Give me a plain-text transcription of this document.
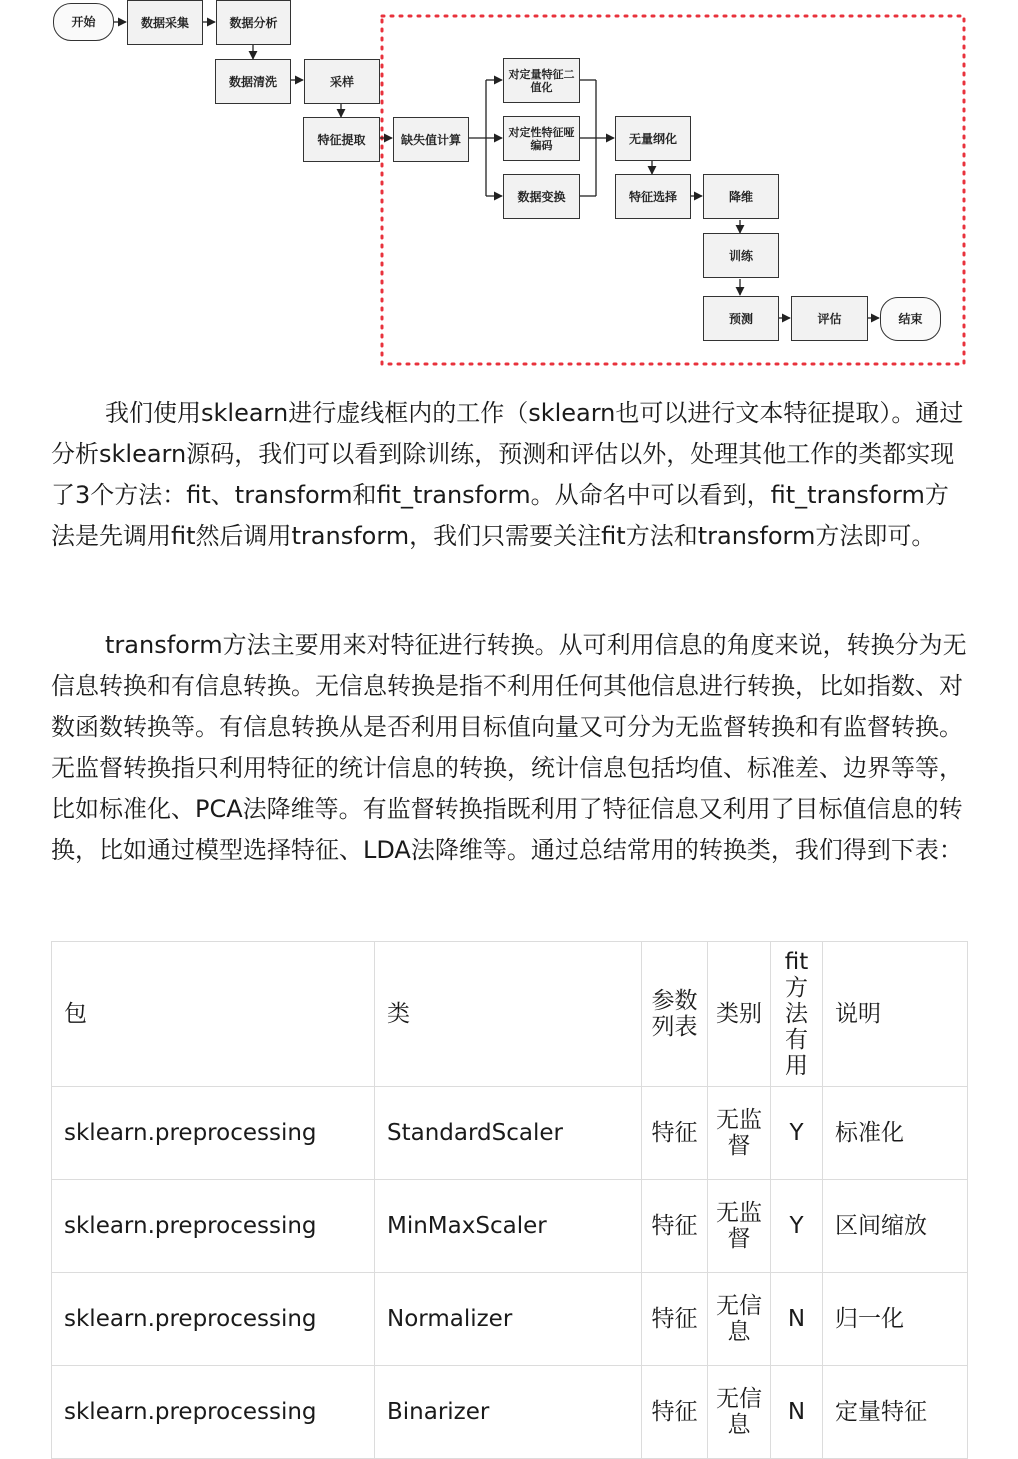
开始	数据采集	数据分析
数据清洗	采样
特征提取	缺失值计算
对定量特征二值化
对定性特征哑编码
数据变换
无量纲化
特征选择	降维
训练
预测	评估	结束

我们使用sklearn进行虚线框内的工作（sklearn也可以进行文本特征提取）。通过分析sklearn源码，我们可以看到除训练，预测和评估以外，处理其他工作的类都实现了3个方法：fit、transform和fit_transform。从命名中可以看到，fit_transform方法是先调用fit然后调用transform，我们只需要关注fit方法和transform方法即可。

transform方法主要用来对特征进行转换。从可利用信息的角度来说，转换分为无信息转换和有信息转换。无信息转换是指不利用任何其他信息进行转换，比如指数、对数函数转换等。有信息转换从是否利用目标值向量又可分为无监督转换和有监督转换。无监督转换指只利用特征的统计信息的转换，统计信息包括均值、标准差、边界等等，比如标准化、PCA法降维等。有监督转换指既利用了特征信息又利用了目标值信息的转换，比如通过模型选择特征、LDA法降维等。通过总结常用的转换类，我们得到下表：

包	类	参数列表	类别	fit方法有用	说明
sklearn.preprocessing	StandardScaler	特征	无监督	Y	标准化
sklearn.preprocessing	MinMaxScaler	特征	无监督	Y	区间缩放
sklearn.preprocessing	Normalizer	特征	无信息	N	归一化
sklearn.preprocessing	Binarizer	特征	无信息	N	定量特征
